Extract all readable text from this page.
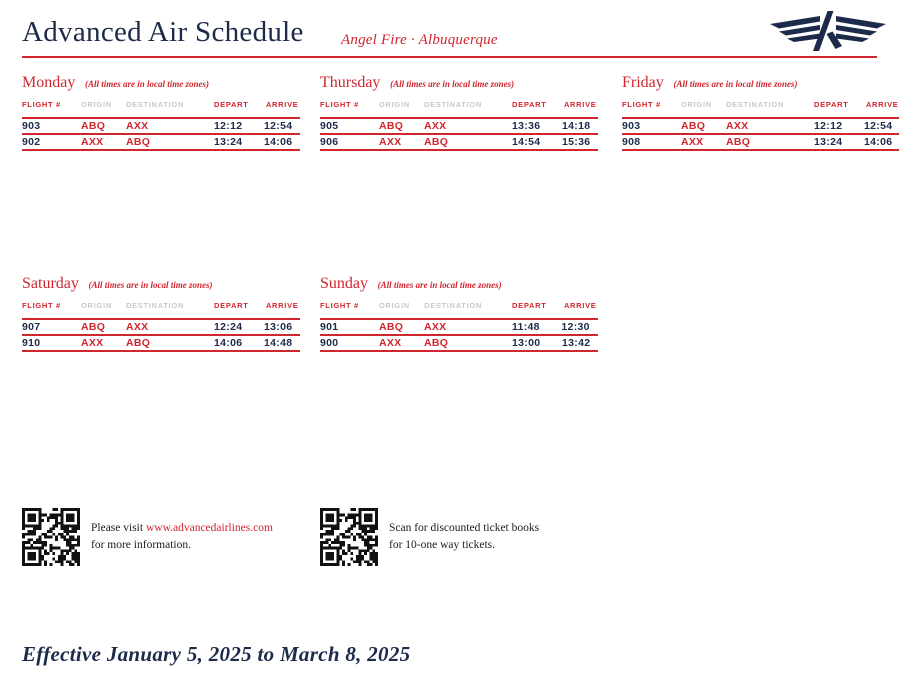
Advanced Air Schedule Angel Fire · Albuquerque
Monday (All times are in local time zones)
FLIGHT #	ORIGIN	DESTINATION	DEPART	ARRIVE
903	ABQ	AXX	12:12	12:54
902	AXX	ABQ	13:24	14:06
Thursday (All times are in local time zones)
FLIGHT #	ORIGIN	DESTINATION	DEPART	ARRIVE
905	ABQ	AXX	13:36	14:18
906	AXX	ABQ	14:54	15:36
Friday (All times are in local time zones)
FLIGHT #	ORIGIN	DESTINATION	DEPART	ARRIVE
903	ABQ	AXX	12:12	12:54
908	AXX	ABQ	13:24	14:06
Saturday (All times are in local time zones)
FLIGHT #	ORIGIN	DESTINATION	DEPART	ARRIVE
907	ABQ	AXX	12:24	13:06
910	AXX	ABQ	14:06	14:48
Sunday (All times are in local time zones)
FLIGHT #	ORIGIN	DESTINATION	DEPART	ARRIVE
901	ABQ	AXX	11:48	12:30
900	AXX	ABQ	13:00	13:42

Please visit www.advancedairlines.com
for more information.

Scan for discounted ticket books
for 10-one way tickets.

Effective January 5, 2025 to March 8, 2025
